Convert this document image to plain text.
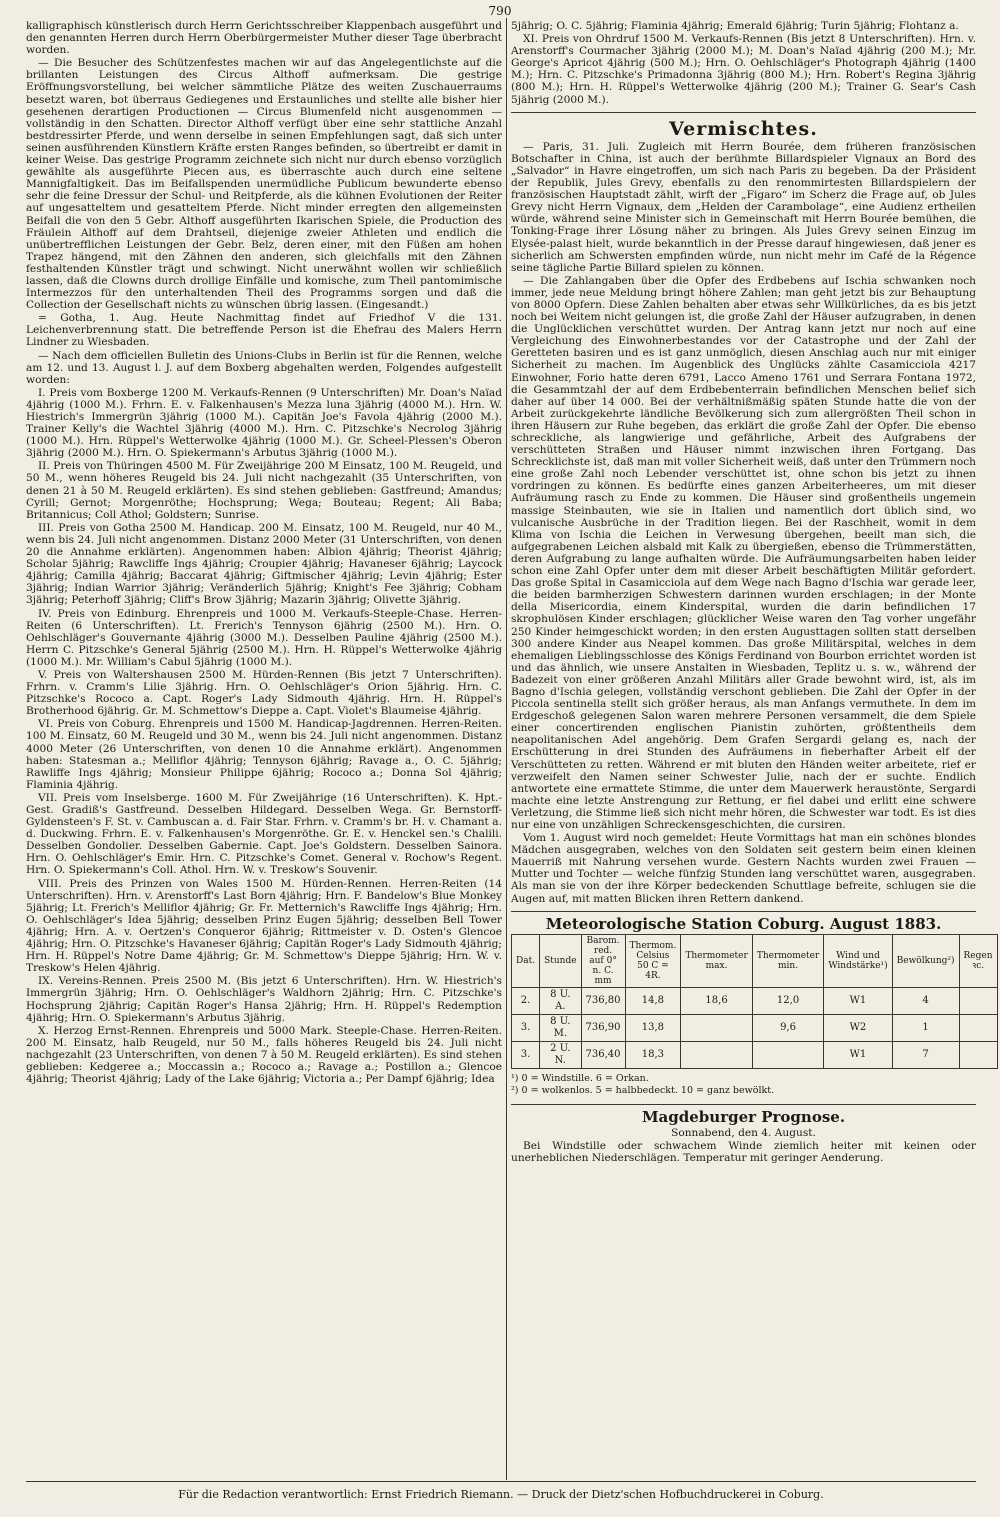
790

kalligraphisch künstlerisch durch Herrn Gerichtsschreiber Klappenbach ausgeführt und den genannten Herren durch Herrn Oberbürgermeister Muther dieser Tage überbracht worden.

— Die Besucher des Schützenfestes machen wir auf das Angelegentlichste auf die brillanten Leistungen des Circus Althoff aufmerksam. Die gestrige Eröffnungsvorstellung, bei welcher sämmtliche Plätze des weiten Zuschauerraums besetzt waren, bot überraus Gediegenes und Erstaunliches und stellte alle bisher hier gesehenen derartigen Productionen — Circus Blumenfeld nicht ausgenommen — vollständig in den Schatten. Director Althoff verfügt über eine sehr stattliche Anzahl bestdressirter Pferde, und wenn derselbe in seinen Empfehlungen sagt, daß sich unter seinen ausführenden Künstlern Kräfte ersten Ranges befinden, so übertreibt er damit in keiner Weise. Das gestrige Programm zeichnete sich nicht nur durch ebenso vorzüglich gewählte als ausgeführte Piecen aus, es überraschte auch durch eine seltene Mannigfaltigkeit. Das im Beifallspenden unermüdliche Publicum bewunderte ebenso sehr die feine Dressur der Schul- und Reitpferde, als die kühnen Evolutionen der Reiter auf ungesatteltem und gesatteltem Pferde. Nicht minder erregten den allgemeinsten Beifall die von den 5 Gebr. Althoff ausgeführten Ikarischen Spiele, die Production des Fräulein Althoff auf dem Drahtseil, diejenige zweier Athleten und endlich die unübertrefflichen Leistungen der Gebr. Belz, deren einer, mit den Füßen am hohen Trapez hängend, mit den Zähnen den anderen, sich gleichfalls mit den Zähnen festhaltenden Künstler trägt und schwingt. Nicht unerwähnt wollen wir schließlich lassen, daß die Clowns durch drollige Einfälle und komische, zum Theil pantomimische Intermezzos für den unterhaltenden Theil des Programms sorgen und daß die Collection der Gesellschaft nichts zu wünschen übrig lassen. (Eingesandt.)

= Gotha, 1. Aug. Heute Nachmittag findet auf Friedhof V die 131. Leichenverbrennung statt. Die betreffende Person ist die Ehefrau des Malers Herrn Lindner zu Wiesbaden.

— Nach dem officiellen Bulletin des Unions-Clubs in Berlin ist für die Rennen, welche am 12. und 13. August l. J. auf dem Boxberg abgehalten werden, Folgendes aufgestellt worden:

I. Preis vom Boxberge 1200 M. Verkaufs-Rennen (9 Unterschriften) Mr. Doan's Naïad 4jährig (1000 M.). Frhrn. E. v. Falkenhausen's Mezza luna 3jährig (4000 M.). Hrn. W. Hiestrich's Immergrün 3jährig (1000 M.). Capitän Joe's Favola 4jährig (2000 M.). Trainer Kelly's die Wachtel 3jährig (4000 M.). Hrn. C. Pitzschke's Necrolog 3jährig (1000 M.). Hrn. Rüppel's Wetterwolke 4jährig (1000 M.). Gr. Scheel-Plessen's Oberon 3jährig (2000 M.). Hrn. O. Spiekermann's Arbutus 3jährig (1000 M.).

II. Preis von Thüringen 4500 M. Für Zweijährige 200 M Einsatz, 100 M. Reugeld, und 50 M., wenn höheres Reugeld bis 24. Juli nicht nachgezahlt (35 Unterschriften, von denen 21 à 50 M. Reugeld erklärten). Es sind stehen geblieben: Gastfreund; Amandus; Cyrill; Gernot; Morgenröthe; Hochsprung; Wega; Bouteau; Regent; Ali Baba; Britannicus; Coll Athol; Goldstern; Sunrise.

III. Preis von Gotha 2500 M. Handicap. 200 M. Einsatz, 100 M. Reugeld, nur 40 M., wenn bis 24. Juli nicht angenommen. Distanz 2000 Meter (31 Unterschriften, von denen 20 die Annahme erklärten). Angenommen haben: Albion 4jährig; Theorist 4jährig; Scholar 5jährig; Rawcliffe Ings 4jährig; Croupier 4jährig; Havaneser 6jährig; Laycock 4jährig; Camilla 4jährig; Baccarat 4jährig; Giftmischer 4jährig; Levin 4jährig; Ester 3jährig; Indian Warrior 3jährig; Veränderlich 5jährig; Knight's Fee 3jährig; Cobham 3jährig; Peterhoff 3jährig; Cliff's Brow 3jährig; Mazarin 3jährig; Olivette 3jährig.

IV. Preis von Edinburg. Ehrenpreis und 1000 M. Verkaufs-Steeple-Chase. Herren-Reiten (6 Unterschriften). Lt. Frerich's Tennyson 6jährig (2500 M.). Hrn. O. Oehlschläger's Gouvernante 4jährig (3000 M.). Desselben Pauline 4jährig (2500 M.). Herrn C. Pitzschke's General 5jährig (2500 M.). Hrn. H. Rüppel's Wetterwolke 4jährig (1000 M.). Mr. William's Cabul 5jährig (1000 M.).

V. Preis von Waltershausen 2500 M. Hürden-Rennen (Bis jetzt 7 Unterschriften). Frhrn. v. Cramm's Lilie 3jährig. Hrn. O. Oehlschläger's Orion 5jährig. Hrn. C. Pitzschke's Rococo a. Capt. Roger's Lady Sidmouth 4jährig. Hrn. H. Rüppel's Brotherhood 6jährig. Gr. M. Schmettow's Dieppe a. Capt. Violet's Blaumeise 4jährig.

VI. Preis von Coburg. Ehrenpreis und 1500 M. Handicap-Jagdrennen. Herren-Reiten. 100 M. Einsatz, 60 M. Reugeld und 30 M., wenn bis 24. Juli nicht angenommen. Distanz 4000 Meter (26 Unterschriften, von denen 10 die Annahme erklärt). Angenommen haben: Statesman a.; Melliflor 4jährig; Tennyson 6jährig; Ravage a., O. C. 5jährig; Rawliffe Ings 4jährig; Monsieur Philippe 6jährig; Rococo a.; Donna Sol 4jährig; Flaminia 4jährig.

VII. Preis vom Inselsberge. 1600 M. Für Zweijährige (16 Unterschriften). K. Hpt.-Gest. Gradiß's Gastfreund. Desselben Hildegard. Desselben Wega. Gr. Bernstorff-Gyldensteen's F. St. v. Cambuscan a. d. Fair Star. Frhrn. v. Cramm's br. H. v. Chamant a. d. Duckwing. Frhrn. E. v. Falkenhausen's Morgenröthe. Gr. E. v. Henckel sen.'s Chalili. Desselben Gondolier. Desselben Gabernie. Capt. Joe's Goldstern. Desselben Sainora. Hrn. O. Oehlschläger's Emir. Hrn. C. Pitzschke's Comet. General v. Rochow's Regent. Hrn. O. Spiekermann's Coll. Athol. Hrn. W. v. Treskow's Souvenir.

VIII. Preis des Prinzen von Wales 1500 M. Hürden-Rennen. Herren-Reiten (14 Unterschriften). Hrn. v. Arenstorff's Last Born 4jährig; Hrn. F. Bandelow's Blue Monkey 5jährig; Lt. Frerich's Melliflor 4jährig; Gr. Fr. Metternich's Rawcliffe Ings 4jährig; Hrn. O. Oehlschläger's Idea 5jährig; desselben Prinz Eugen 5jährig; desselben Bell Tower 4jährig; Hrn. A. v. Oertzen's Conqueror 6jährig; Rittmeister v. D. Osten's Glencoe 4jährig; Hrn. O. Pitzschke's Havaneser 6jährig; Capitän Roger's Lady Sidmouth 4jährig; Hrn. H. Rüppel's Notre Dame 4jährig; Gr. M. Schmettow's Dieppe 5jährig; Hrn. W. v. Treskow's Helen 4jährig.

IX. Vereins-Rennen. Preis 2500 M. (Bis jetzt 6 Unterschriften). Hrn. W. Hiestrich's Immergrün 3jährig; Hrn. O. Oehlschläger's Waldhorn 2jährig; Hrn. C. Pitzschke's Hochsprung 2jährig; Capitän Roger's Hansa 2jährig; Hrn. H. Rüppel's Redemption 4jährig; Hrn. O. Spiekermann's Arbutus 3jährig.

X. Herzog Ernst-Rennen. Ehrenpreis und 5000 Mark. Steeple-Chase. Herren-Reiten. 200 M. Einsatz, halb Reugeld, nur 50 M., falls höheres Reugeld bis 24. Juli nicht nachgezahlt (23 Unterschriften, von denen 7 à 50 M. Reugeld erklärten). Es sind stehen geblieben: Kedgeree a.; Moccassin a.; Rococo a.; Ravage a.; Postillon a.; Glencoe 4jährig; Theorist 4jährig; Lady of the Lake 6jährig; Victoria a.; Per Dampf 6jährig; Idea

5jährig; O. C. 5jährig; Flaminia 4jährig; Emerald 6jährig; Turin 5jährig; Flohtanz a.

XI. Preis von Ohrdruf 1500 M. Verkaufs-Rennen (Bis jetzt 8 Unterschriften). Hrn. v. Arenstorff's Courmacher 3jährig (2000 M.); M. Doan's Naïad 4jährig (200 M.); Mr. George's Apricot 4jährig (500 M.); Hrn. O. Oehlschläger's Photograph 4jährig (1400 M.); Hrn. C. Pitzschke's Primadonna 3jährig (800 M.); Hrn. Robert's Regina 3jährig (800 M.); Hrn. H. Rüppel's Wetterwolke 4jährig (200 M.); Trainer G. Sear's Cash 5jährig (2000 M.).

Vermischtes.

— Paris, 31. Juli. Zugleich mit Herrn Bourée, dem früheren französischen Botschafter in China, ist auch der berühmte Billardspieler Vignaux an Bord des „Salvador“ in Havre eingetroffen, um sich nach Paris zu begeben. Da der Präsident der Republik, Jules Grevy, ebenfalls zu den renommirtesten Billardspielern der französischen Hauptstadt zählt, wirft der „Figaro“ im Scherz die Frage auf, ob Jules Grevy nicht Herrn Vignaux, dem „Helden der Carambolage“, eine Audienz ertheilen würde, während seine Minister sich in Gemeinschaft mit Herrn Bourée bemühen, die Tonking-Frage ihrer Lösung näher zu bringen. Als Jules Grevy seinen Einzug im Elysée-palast hielt, wurde bekanntlich in der Presse darauf hingewiesen, daß jener es sicherlich am Schwersten empfinden würde, nun nicht mehr im Café de la Régence seine tägliche Partie Billard spielen zu können.

— Die Zahlangaben über die Opfer des Erdbebens auf Ischia schwanken noch immer, jede neue Meldung bringt höhere Zahlen; man geht jetzt bis zur Behauptung von 8000 Opfern. Diese Zahlen behalten aber etwas sehr Willkürliches, da es bis jetzt noch bei Weitem nicht gelungen ist, die große Zahl der Häuser aufzugraben, in denen die Unglücklichen verschüttet wurden. Der Antrag kann jetzt nur noch auf eine Vergleichung des Einwohnerbestandes vor der Catastrophe und der Zahl der Geretteten basiren und es ist ganz unmöglich, diesen Anschlag auch nur mit einiger Sicherheit zu machen. Im Augenblick des Unglücks zählte Casamicciola 4217 Einwohner, Forio hatte deren 6791, Lacco Ameno 1761 und Serrara Fontana 1972, die Gesammtzahl der auf dem Erdbebenterrain befindlichen Menschen belief sich daher auf über 14 000. Bei der verhältnißmäßig späten Stunde hatte die von der Arbeit zurückgekehrte ländliche Bevölkerung sich zum allergrößten Theil schon in ihren Häusern zur Ruhe begeben, das erklärt die große Zahl der Opfer. Die ebenso schreckliche, als langwierige und gefährliche, Arbeit des Aufgrabens der verschütteten Straßen und Häuser nimmt inzwischen ihren Fortgang. Das Schrecklichste ist, daß man mit voller Sicherheit weiß, daß unter den Trümmern noch eine große Zahl noch Lebender verschüttet ist, ohne schon bis jetzt zu ihnen vordringen zu können. Es bedürfte eines ganzen Arbeiterheeres, um mit dieser Aufräumung rasch zu Ende zu kommen. Die Häuser sind großentheils ungemein massige Steinbauten, wie sie in Italien und namentlich dort üblich sind, wo vulcanische Ausbrüche in der Tradition liegen. Bei der Raschheit, womit in dem Klima von Ischia die Leichen in Verwesung übergehen, beeilt man sich, die aufgegrabenen Leichen alsbald mit Kalk zu übergießen, ebenso die Trümmerstätten, deren Aufgrabung zu lange aufhalten würde. Die Aufräumungsarbeiten haben leider schon eine Zahl Opfer unter dem mit dieser Arbeit beschäftigten Militär gefordert. Das große Spital in Casamicciola auf dem Wege nach Bagno d'Ischia war gerade leer, die beiden barmherzigen Schwestern darinnen wurden erschlagen; in der Monte della Misericordia, einem Kinderspital, wurden die darin befindlichen 17 skrophulösen Kinder erschlagen; glücklicher Weise waren den Tag vorher ungefähr 250 Kinder heimgeschickt worden; in den ersten Augusttagen sollten statt derselben 300 andere Kinder aus Neapel kommen. Das große Militärspital, welches in dem ehemaligen Lieblingsschlosse des Königs Ferdinand von Bourbon errichtet worden ist und das ähnlich, wie unsere Anstalten in Wiesbaden, Teplitz u. s. w., während der Badezeit von einer größeren Anzahl Militärs aller Grade bewohnt wird, ist, als im Bagno d'Ischia gelegen, vollständig verschont geblieben. Die Zahl der Opfer in der Piccola sentinella stellt sich größer heraus, als man Anfangs vermuthete. In dem im Erdgeschoß gelegenen Salon waren mehrere Personen versammelt, die dem Spiele einer concertirenden englischen Pianistin zuhörten, größtentheils dem neapolitanischen Adel angehörig. Dem Grafen Sergardi gelang es, nach der Erschütterung in drei Stunden des Aufräumens in fieberhafter Arbeit elf der Verschütteten zu retten. Während er mit bluten den Händen weiter arbeitete, rief er verzweifelt den Namen seiner Schwester Julie, nach der er suchte. Endlich antwortete eine ermattete Stimme, die unter dem Mauerwerk heraustönte, Sergardi machte eine letzte Anstrengung zur Rettung, er fiel dabei und erlitt eine schwere Verletzung, die Stimme ließ sich nicht mehr hören, die Schwester war todt. Es ist dies nur eine von unzähligen Schreckensgeschichten, die cursiren.

Vom 1. August wird noch gemeldet: Heute Vormittags hat man ein schönes blondes Mädchen ausgegraben, welches von den Soldaten seit gestern beim einen kleinen Mauerriß mit Nahrung versehen wurde. Gestern Nachts wurden zwei Frauen — Mutter und Tochter — welche fünfzig Stunden lang verschüttet waren, ausgegraben. Als man sie von der ihre Körper bedeckenden Schuttlage befreite, schlugen sie die Augen auf, mit matten Blicken ihren Rettern dankend.

Meteorologische Station Coburg. August 1883.
Dat.	Stunde	Barom. red. auf 0° n. C. mm	Thermom. Celsius 50 C = 4R.	Thermometer max.	Thermometer min.	Wind und Windstärke¹)	Bewölkung²)	Regen ꝛc.
2.	8 U. A.	736,80	14,8	18,6	12,0	W1	4	
3.	8 U. M.	736,90	13,8		9,6	W2	1	
3.	2 U. N.	736,40	18,3			W1	7	

¹) 0 = Windstille. 6 = Orkan.

²) 0 = wolkenlos. 5 = halbbedeckt. 10 = ganz bewölkt.

Magdeburger Prognose.

Sonnabend, den 4. August.

Bei Windstille oder schwachem Winde ziemlich heiter mit keinen oder unerheblichen Niederschlägen. Temperatur mit geringer Aenderung.

Für die Redaction verantwortlich: Ernst Friedrich Riemann. — Druck der Dietz'schen Hofbuchdruckerei in Coburg.
